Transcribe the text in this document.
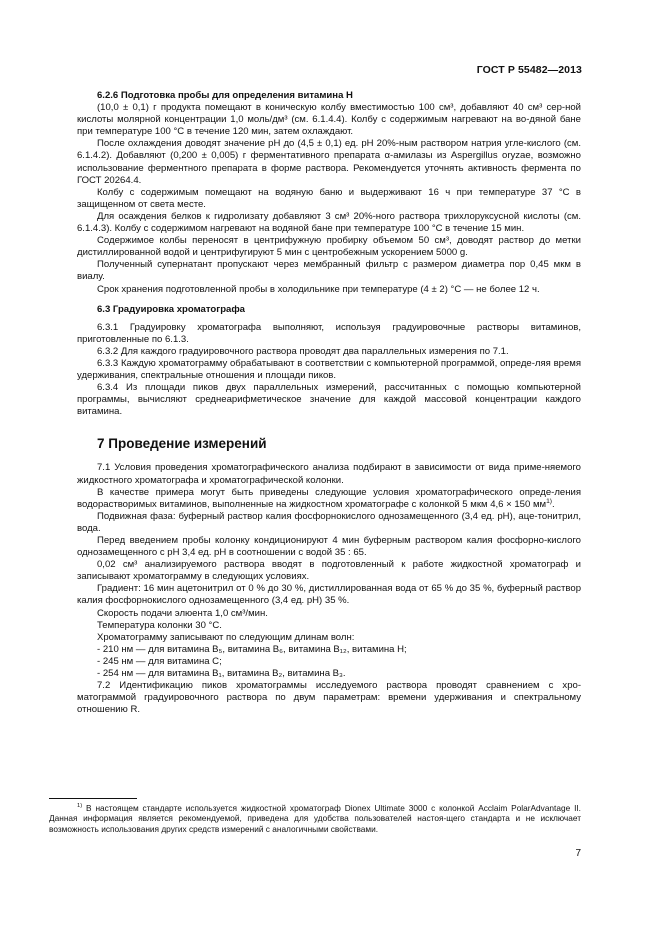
ГОСТ Р 55482—2013

6.2.6 Подготовка пробы для определения витамина H

(10,0 ± 0,1) г продукта помещают в коническую колбу вместимостью 100 см³, добавляют 40 см³ сер-ной кислоты молярной концентрации 1,0 моль/дм³ (см. 6.1.4.4). Колбу с содержимым нагревают на во-дяной бане при температуре 100 °С в течение 120 мин, затем охлаждают.

После охлаждения доводят значение pH до (4,5 ± 0,1) ед. pH 20%-ным раствором натрия угле-кислого (см. 6.1.4.2). Добавляют (0,200 ± 0,005) г ферментативного препарата α-амилазы из Aspergillus oryzae, возможно использование ферментного препарата в форме раствора. Рекомендуется уточнять активность фермента по ГОСТ 20264.4.

Колбу с содержимым помещают на водяную баню и выдерживают 16 ч при температуре 37 °С в защищенном от света месте.

Для осаждения белков к гидролизату добавляют 3 см³ 20%-ного раствора трихлоруксусной кислоты (см. 6.1.4.3). Колбу с содержимом нагревают на водяной бане при температуре 100 °С в течение 15 мин.

Содержимое колбы переносят в центрифужную пробирку объемом 50 см³, доводят раствор до метки дистиллированной водой и центрифугируют 5 мин с центробежным ускорением 5000 g.

Полученный супернатант пропускают через мембранный фильтр с размером диаметра пор 0,45 мкм в виалу.

Срок хранения подготовленной пробы в холодильнике при температуре (4 ± 2) °С — не более 12 ч.

6.3 Градуировка хроматографа

6.3.1 Градуировку хроматографа выполняют, используя градуировочные растворы витаминов, приготовленные по 6.1.3.

6.3.2 Для каждого градуировочного раствора проводят два параллельных измерения по 7.1.

6.3.3 Каждую хроматограмму обрабатывают в соответствии с компьютерной программой, опреде-ляя время удерживания, спектральные отношения и площади пиков.

6.3.4 Из площади пиков двух параллельных измерений, рассчитанных с помощью компьютерной программы, вычисляют среднеарифметическое значение для каждой массовой концентрации каждого витамина.

7 Проведение измерений

7.1 Условия проведения хроматографического анализа подбирают в зависимости от вида приме-няемого жидкостного хроматографа и хроматографической колонки.

В качестве примера могут быть приведены следующие условия хроматографического опреде-ления водорастворимых витаминов, выполненные на жидкостном хроматографе с колонкой 5 мкм 4,6 × 150 $мм^{1)}$.

Подвижная фаза: буферный раствор калия фосфорнокислого однозамещенного (3,4 ед. pH), аце-тонитрил, вода.

Перед введением пробы колонку кондиционируют 4 мин буферным раствором калия фосфорно-кислого однозамещенного с pH 3,4 ед. pH в соотношении с водой 35 : 65.

0,02 см³ анализируемого раствора вводят в подготовленный к работе жидкостной хроматограф и записывают хроматограмму в следующих условиях.

Градиент: 16 мин ацетонитрил от 0 % до 30 %, дистиллированная вода от 65 % до 35 %, буферный раствор калия фосфорнокислого однозамещенного (3,4 ед. pH) 35 %.

Скорость подачи элюента 1,0 см³/мин.

Температура колонки 30 °С.

Хроматограмму записывают по следующим длинам волн:

- 210 нм — для витамина B₅, витамина B₆, витамина B₁₂, витамина H;

- 245 нм — для витамина С;

- 254 нм — для витамина B₁, витамина B₂, витамина B₃.

7.2 Идентификацию пиков хроматограммы исследуемого раствора проводят сравнением с хро-матограммой градуировочного раствора по двум параметрам: времени удерживания и спектральному отношению R.

$^{1)}$ В настоящем стандарте используется жидкостной хроматограф Dionex Ultimate 3000 с колонкой Acclaim PolarAdvantage II. Данная информация является рекомендуемой, приведена для удобства пользователей настоя-щего стандарта и не исключает возможность использования других средств измерений с аналогичными свойствами.
7
